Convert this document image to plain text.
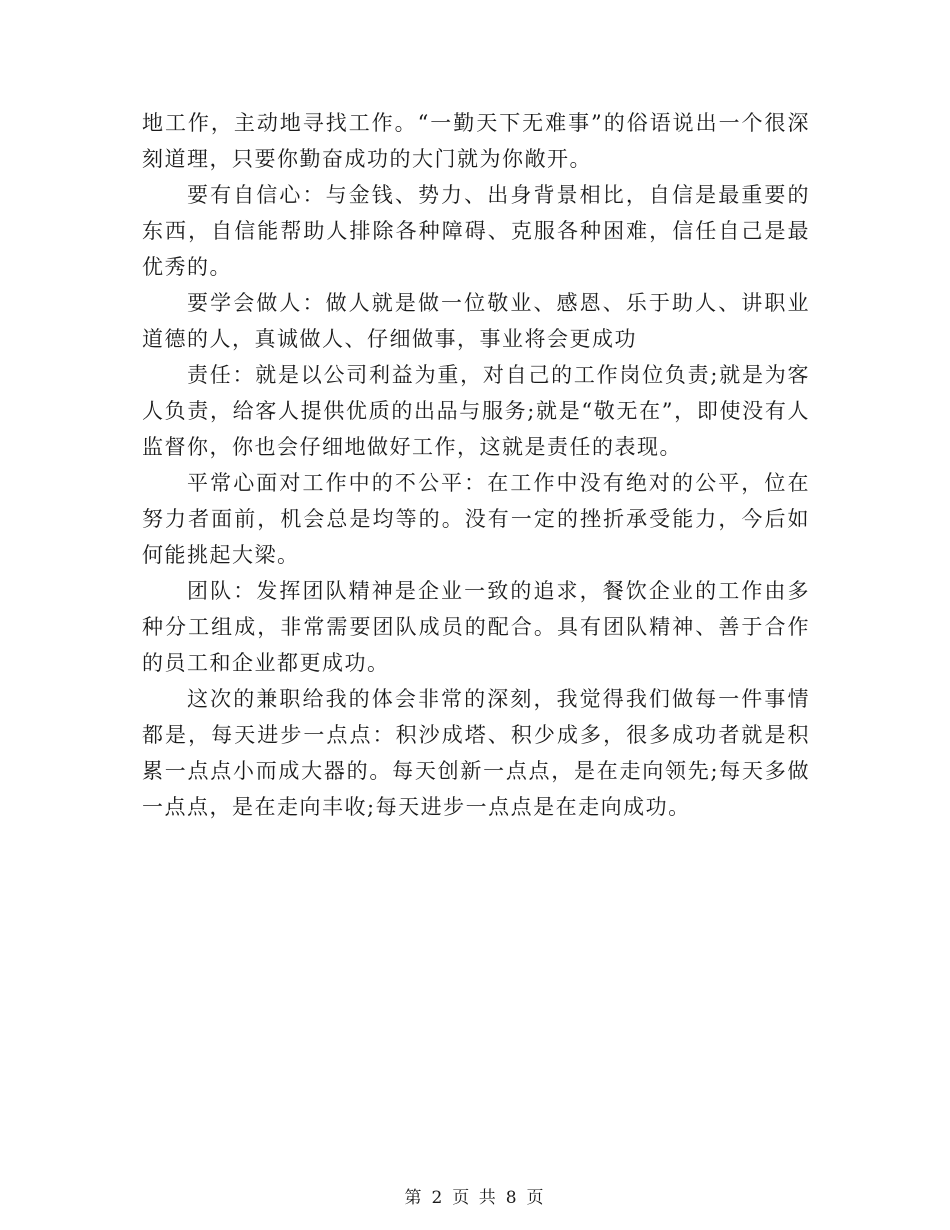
地工作，主动地寻找工作。“一勤天下无难事”的俗语说出一个很深刻道理，只要你勤奋成功的大门就为你敞开。

要有自信心：与金钱、势力、出身背景相比，自信是最重要的东西，自信能帮助人排除各种障碍、克服各种困难，信任自己是最优秀的。

要学会做人：做人就是做一位敬业、感恩、乐于助人、讲职业道德的人，真诚做人、仔细做事，事业将会更成功

责任：就是以公司利益为重，对自己的工作岗位负责;就是为客人负责，给客人提供优质的出品与服务;就是“敬无在”，即使没有人监督你，你也会仔细地做好工作，这就是责任的表现。

平常心面对工作中的不公平：在工作中没有绝对的公平，位在努力者面前，机会总是均等的。没有一定的挫折承受能力，今后如何能挑起大梁。

团队：发挥团队精神是企业一致的追求，餐饮企业的工作由多种分工组成，非常需要团队成员的配合。具有团队精神、善于合作的员工和企业都更成功。

这次的兼职给我的体会非常的深刻，我觉得我们做每一件事情都是，每天进步一点点：积沙成塔、积少成多，很多成功者就是积累一点点小而成大器的。每天创新一点点，是在走向领先;每天多做一点点，是在走向丰收;每天进步一点点是在走向成功。

第 2 页 共 8 页
